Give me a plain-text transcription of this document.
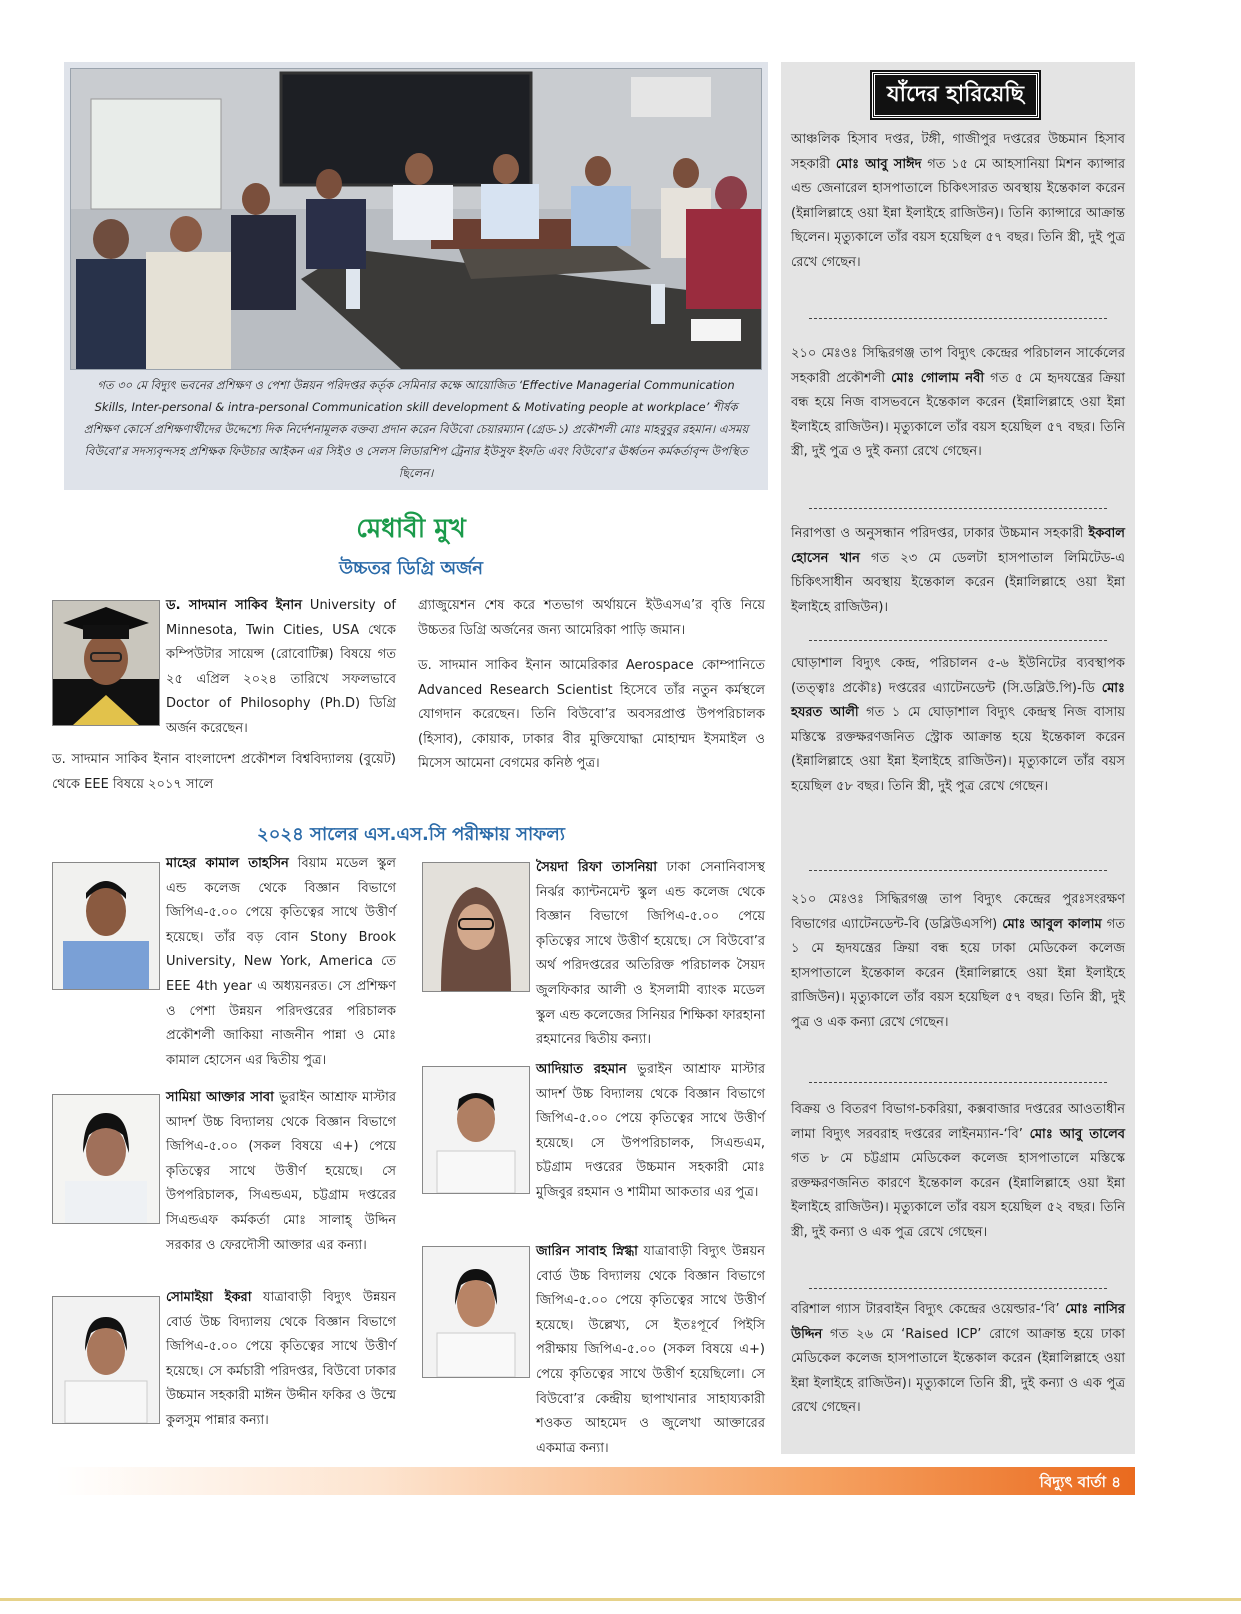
গত ৩০ মে বিদ্যুৎ ভবনের প্রশিক্ষণ ও পেশা উন্নয়ন পরিদপ্তর কর্তৃক সেমিনার কক্ষে আয়োজিত ‘Effective Managerial Communication Skills, Inter-personal & intra-personal Communication skill development & Motivating people at workplace’ শীর্ষক প্রশিক্ষণ কোর্সে প্রশিক্ষণার্থীদের উদ্দেশ্যে দিক নির্দেশনামূলক বক্তব্য প্রদান করেন বিউবো চেয়ারম্যান (গ্রেড-১) প্রকৌশলী মোঃ মাহবুবুর রহমান। এসময় বিউবো’র সদস্যবৃন্দসহ প্রশিক্ষক ফিউচার আইকন এর সিইও ও সেলস লিডারশিপ ট্রেনার ইউসুফ ইফতি এবং বিউবো’র ঊর্ধ্বতন কর্মকর্তাবৃন্দ উপস্থিত ছিলেন।
মেধাবী মুখ
উচ্চতর ডিগ্রি অর্জন
ড. সাদমান সাকিব ইনান University of Minnesota, Twin Cities, USA থেকে কম্পিউটার সায়েন্স (রোবোটিক্স) বিষয়ে গত ২৫ এপ্রিল ২০২৪ তারিখে সফলভাবে Doctor of Philosophy (Ph.D) ডিগ্রি অর্জন করেছেন।
ড. সাদমান সাকিব ইনান বাংলাদেশ প্রকৌশল বিশ্ববিদ্যালয় (বুয়েট) থেকে EEE বিষয়ে ২০১৭ সালে
গ্র্যাজুয়েশন শেষ করে শতভাগ অর্থায়নে ইউএসএ’র বৃত্তি নিয়ে উচ্চতর ডিগ্রি অর্জনের জন্য আমেরিকা পাড়ি জমান।
ড. সাদমান সাকিব ইনান আমেরিকার Aerospace কোম্পানিতে Advanced Research Scientist হিসেবে তাঁর নতুন কর্মস্থলে যোগদান করেছেন। তিনি বিউবো’র অবসরপ্রাপ্ত উপপরিচালক (হিসাব), কোয়াক, ঢাকার বীর মুক্তিযোদ্ধা মোহাম্মদ ইসমাইল ও মিসেস আমেনা বেগমের কনিষ্ঠ পুত্র।
২০২৪ সালের এস.এস.সি পরীক্ষায় সাফল্য
মাহের কামাল তাহসিন বিয়াম মডেল স্কুল এন্ড কলেজ থেকে বিজ্ঞান বিভাগে জিপিএ-৫.০০ পেয়ে কৃতিত্বের সাথে উত্তীর্ণ হয়েছে। তাঁর বড় বোন Stony Brook University, New York, America তে EEE 4th year এ অধ্যয়নরত। সে প্রশিক্ষণ ও পেশা উন্নয়ন পরিদপ্তরের পরিচালক প্রকৌশলী জাকিয়া নাজনীন পান্না ও মোঃ কামাল হোসেন এর দ্বিতীয় পুত্র।
সামিয়া আক্তার সাবা ভুরাইন আশ্রাফ মাস্টার আদর্শ উচ্চ বিদ্যালয় থেকে বিজ্ঞান বিভাগে জিপিএ-৫.০০ (সকল বিষয়ে এ+) পেয়ে কৃতিত্বের সাথে উত্তীর্ণ হয়েছে। সে উপপরিচালক, সিএন্ডএম, চট্টগ্রাম দপ্তরের সিএন্ডএফ কর্মকর্তা মোঃ সালাহ্ উদ্দিন সরকার ও ফেরদৌসী আক্তার এর কন্যা।
সোমাইয়া ইকরা যাত্রাবাড়ী বিদ্যুৎ উন্নয়ন বোর্ড উচ্চ বিদ্যালয় থেকে বিজ্ঞান বিভাগে জিপিএ-৫.০০ পেয়ে কৃতিত্বের সাথে উত্তীর্ণ হয়েছে। সে কর্মচারী পরিদপ্তর, বিউবো ঢাকার উচ্চমান সহকারী মাঈন উদ্দীন ফকির ও উম্মে কুলসুম পান্নার কন্যা।
সৈয়দা রিফা তাসনিয়া ঢাকা সেনানিবাসস্থ নির্ঝর ক্যান্টনমেন্ট স্কুল এন্ড কলেজ থেকে বিজ্ঞান বিভাগে জিপিএ-৫.০০ পেয়ে কৃতিত্বের সাথে উত্তীর্ণ হয়েছে। সে বিউবো’র অর্থ পরিদপ্তরের অতিরিক্ত পরিচালক সৈয়দ জুলফিকার আলী ও ইসলামী ব্যাংক মডেল স্কুল এন্ড কলেজের সিনিয়র শিক্ষিকা ফারহানা রহমানের দ্বিতীয় কন্যা।
আদিয়াত রহমান ভুরাইন আশ্রাফ মাস্টার আদর্শ উচ্চ বিদ্যালয় থেকে বিজ্ঞান বিভাগে জিপিএ-৫.০০ পেয়ে কৃতিত্বের সাথে উত্তীর্ণ হয়েছে। সে উপপরিচালক, সিএন্ডএম, চট্টগ্রাম দপ্তরের উচ্চমান সহকারী মোঃ মুজিবুর রহমান ও শামীমা আকতার এর পুত্র।
জারিন সাবাহ স্নিগ্ধা যাত্রাবাড়ী বিদ্যুৎ উন্নয়ন বোর্ড উচ্চ বিদ্যালয় থেকে বিজ্ঞান বিভাগে জিপিএ-৫.০০ পেয়ে কৃতিত্বের সাথে উত্তীর্ণ হয়েছে। উল্লেখ্য, সে ইতঃপূর্বে পিইসি পরীক্ষায় জিপিএ-৫.০০ (সকল বিষয়ে এ+) পেয়ে কৃতিত্বের সাথে উত্তীর্ণ হয়েছিলো। সে বিউবো’র কেন্দ্রীয় ছাপাখানার সাহায্যকারী শওকত আহমেদ ও জুলেখা আক্তারের একমাত্র কন্যা।
যাঁদের হারিয়েছি
আঞ্চলিক হিসাব দপ্তর, টঙ্গী, গাজীপুর দপ্তরের উচ্চমান হিসাব সহকারী মোঃ আবু সাঈদ গত ১৫ মে আহসানিয়া মিশন ক্যান্সার এন্ড জেনারেল হাসপাতালে চিকিৎসারত অবস্থায় ইন্তেকাল করেন (ইন্নালিল্লাহে ওয়া ইন্না ইলাইহে রাজিউন)। তিনি ক্যান্সারে আক্রান্ত ছিলেন। মৃত্যুকালে তাঁর বয়স হয়েছিল ৫৭ বছর। তিনি স্ত্রী, দুই পুত্র রেখে গেছেন।
২১০ মেঃওঃ সিদ্ধিরগঞ্জ তাপ বিদ্যুৎ কেন্দ্রের পরিচালন সার্কেলের সহকারী প্রকৌশলী মোঃ গোলাম নবী গত ৫ মে হৃদযন্ত্রের ক্রিয়া বন্ধ হয়ে নিজ বাসভবনে ইন্তেকাল করেন (ইন্নালিল্লাহে ওয়া ইন্না ইলাইহে রাজিউন)। মৃত্যুকালে তাঁর বয়স হয়েছিল ৫৭ বছর। তিনি স্ত্রী, দুই পুত্র ও দুই কন্যা রেখে গেছেন।
নিরাপত্তা ও অনুসন্ধান পরিদপ্তর, ঢাকার উচ্চমান সহকারী ইকবাল হোসেন খান গত ২৩ মে ডেলটা হাসপাতাল লিমিটেড-এ চিকিৎসাধীন অবস্থায় ইন্তেকাল করেন (ইন্নালিল্লাহে ওয়া ইন্না ইলাইহে রাজিউন)।
ঘোড়াশাল বিদ্যুৎ কেন্দ্র, পরিচালন ৫-৬ ইউনিটের ব্যবস্থাপক (তত্ত্বাঃ প্রকৌঃ) দপ্তরের এ্যাটেনডেন্ট (সি.ডব্লিউ.পি)-ডি মোঃ হযরত আলী গত ১ মে ঘোড়াশাল বিদ্যুৎ কেন্দ্রস্থ নিজ বাসায় মস্তিস্কে রক্তক্ষরণজনিত স্ট্রোক আক্রান্ত হয়ে ইন্তেকাল করেন (ইন্নালিল্লাহে ওয়া ইন্না ইলাইহে রাজিউন)। মৃত্যুকালে তাঁর বয়স হয়েছিল ৫৮ বছর। তিনি স্ত্রী, দুই পুত্র রেখে গেছেন।
২১০ মেঃওঃ সিদ্ধিরগঞ্জ তাপ বিদ্যুৎ কেন্দ্রের পুরঃসংরক্ষণ বিভাগের এ্যাটেনডেন্ট-বি (ডব্লিউএসপি) মোঃ আবুল কালাম গত ১ মে হৃদযন্ত্রের ক্রিয়া বন্ধ হয়ে ঢাকা মেডিকেল কলেজ হাসপাতালে ইন্তেকাল করেন (ইন্নালিল্লাহে ওয়া ইন্না ইলাইহে রাজিউন)। মৃত্যুকালে তাঁর বয়স হয়েছিল ৫৭ বছর। তিনি স্ত্রী, দুই পুত্র ও এক কন্যা রেখে গেছেন।
বিক্রয় ও বিতরণ বিভাগ-চকরিয়া, কক্সবাজার দপ্তরের আওতাধীন লামা বিদ্যুৎ সরবরাহ দপ্তরের লাইনম্যান-‘বি’ মোঃ আবু তালেব গত ৮ মে চট্টগ্রাম মেডিকেল কলেজ হাসপাতালে মস্তিস্কে রক্তক্ষরণজনিত কারণে ইন্তেকাল করেন (ইন্নালিল্লাহে ওয়া ইন্না ইলাইহে রাজিউন)। মৃত্যুকালে তাঁর বয়স হয়েছিল ৫২ বছর। তিনি স্ত্রী, দুই কন্যা ও এক পুত্র রেখে গেছেন।
বরিশাল গ্যাস টারবাইন বিদ্যুৎ কেন্দ্রের ওয়েল্ডার-‘বি’ মোঃ নাসির উদ্দিন গত ২৬ মে ‘Raised ICP’ রোগে আক্রান্ত হয়ে ঢাকা মেডিকেল কলেজ হাসপাতালে ইন্তেকাল করেন (ইন্নালিল্লাহে ওয়া ইন্না ইলাইহে রাজিউন)। মৃত্যুকালে তিনি স্ত্রী, দুই কন্যা ও এক পুত্র রেখে গেছেন।
বিদ্যুৎ বার্তা ৪
